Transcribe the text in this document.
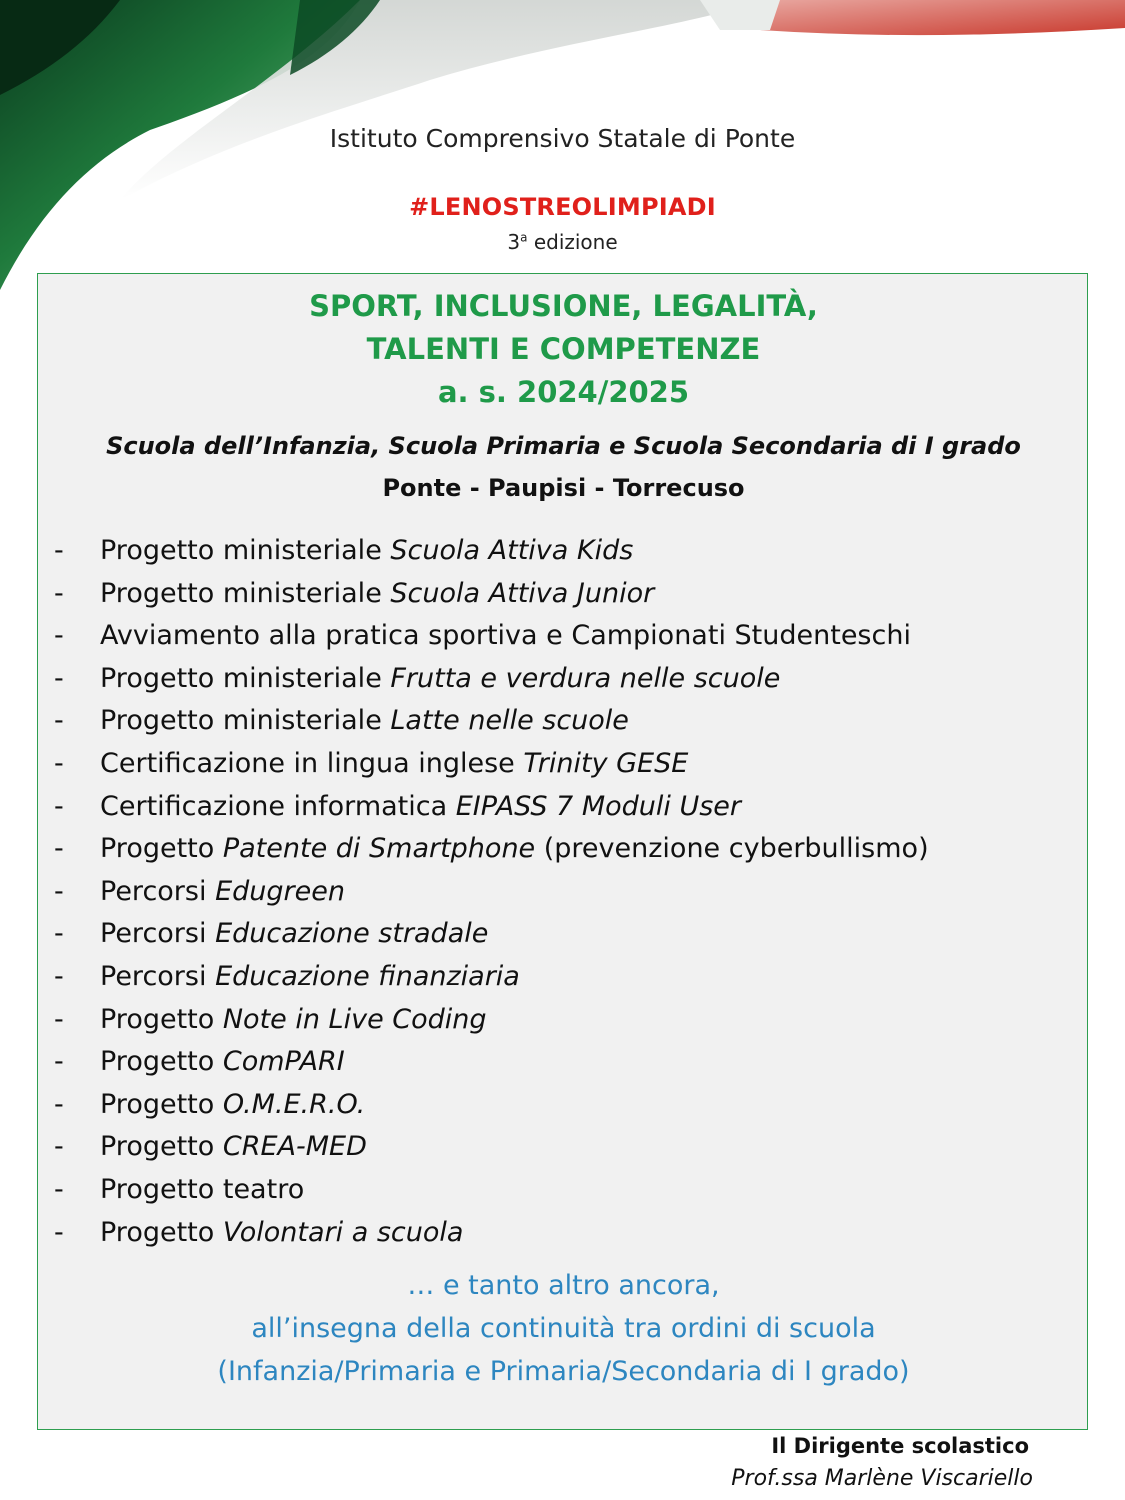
Istituto Comprensivo Statale di Ponte
#LENOSTREOLIMPIADI
3$^a$ edizione
SPORT, INCLUSIONE, LEGALITÀ,
TALENTI E COMPETENZE
a. s. 2024/2025
Scuola dell’Infanzia, Scuola Primaria e Scuola Secondaria di I grado
Ponte - Paupisi - Torrecuso
- Progetto ministeriale Scuola Attiva Kids
- Progetto ministeriale Scuola Attiva Junior
- Avviamento alla pratica sportiva e Campionati Studenteschi
- Progetto ministeriale Frutta e verdura nelle scuole
- Progetto ministeriale Latte nelle scuole
- Certificazione in lingua inglese Trinity GESE
- Certificazione informatica EIPASS 7 Moduli User
- Progetto Patente di Smartphone (prevenzione cyberbullismo)
- Percorsi Edugreen
- Percorsi Educazione stradale
- Percorsi Educazione finanziaria
- Progetto Note in Live Coding
- Progetto ComPARI
- Progetto O.M.E.R.O.
- Progetto CREA-MED
- Progetto teatro
- Progetto Volontari a scuola
… e tanto altro ancora,
all’insegna della continuità tra ordini di scuola
(Infanzia/Primaria e Primaria/Secondaria di I grado)
Il Dirigente scolastico
Prof.ssa Marlène Viscariello
